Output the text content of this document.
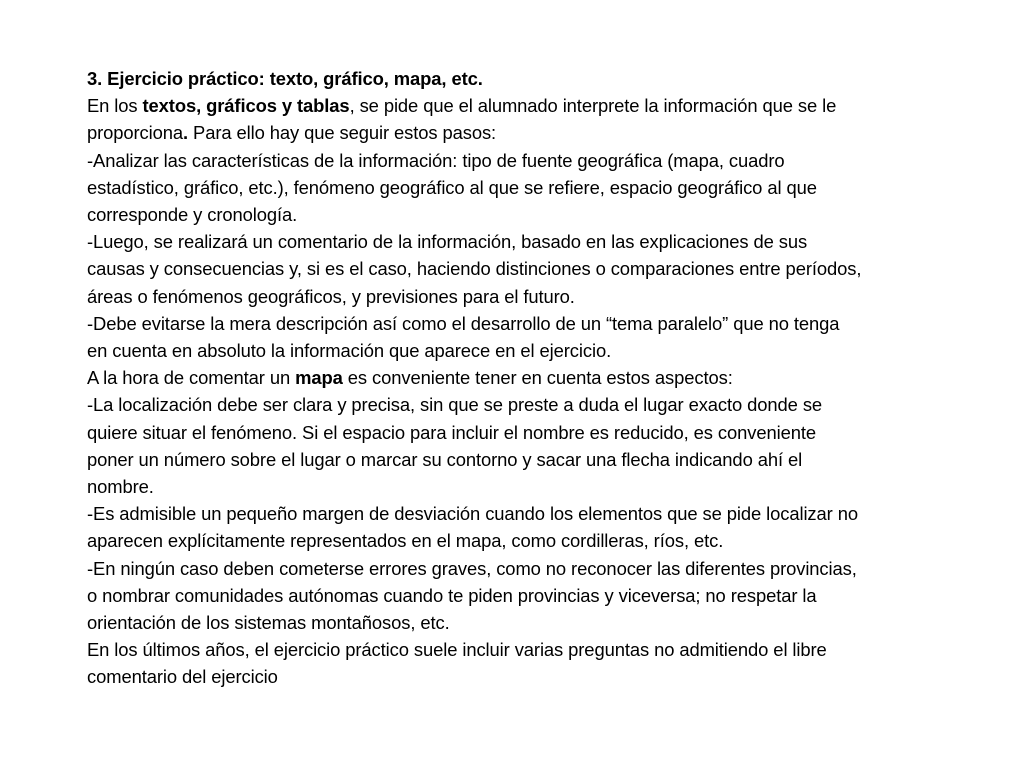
3. Ejercicio práctico: texto, gráfico, mapa, etc.
En los textos, gráficos y tablas, se pide que el alumnado interprete la información que se le
proporciona. Para ello hay que seguir estos pasos:
-Analizar las características de la información: tipo de fuente geográfica (mapa, cuadro
estadístico, gráfico, etc.), fenómeno geográfico al que se refiere, espacio geográfico al que
corresponde y cronología.
-Luego, se realizará un comentario de la información, basado en las explicaciones de sus
causas y consecuencias y, si es el caso, haciendo distinciones o comparaciones entre períodos,
áreas o fenómenos geográficos, y previsiones para el futuro.
-Debe evitarse la mera descripción así como el desarrollo de un “tema paralelo” que no tenga
en cuenta en absoluto la información que aparece en el ejercicio.
A la hora de comentar un mapa es conveniente tener en cuenta estos aspectos:
-La localización debe ser clara y precisa, sin que se preste a duda el lugar exacto donde se
quiere situar el fenómeno. Si el espacio para incluir el nombre es reducido, es conveniente
poner un número sobre el lugar o marcar su contorno y sacar una flecha indicando ahí el
nombre.
-Es admisible un pequeño margen de desviación cuando los elementos que se pide localizar no
aparecen explícitamente representados en el mapa, como cordilleras, ríos, etc.
-En ningún caso deben cometerse errores graves, como no reconocer las diferentes provincias,
o nombrar comunidades autónomas cuando te piden provincias y viceversa; no respetar la
orientación de los sistemas montañosos, etc.
En los últimos años, el ejercicio práctico suele incluir varias preguntas no admitiendo el libre
comentario del ejercicio
